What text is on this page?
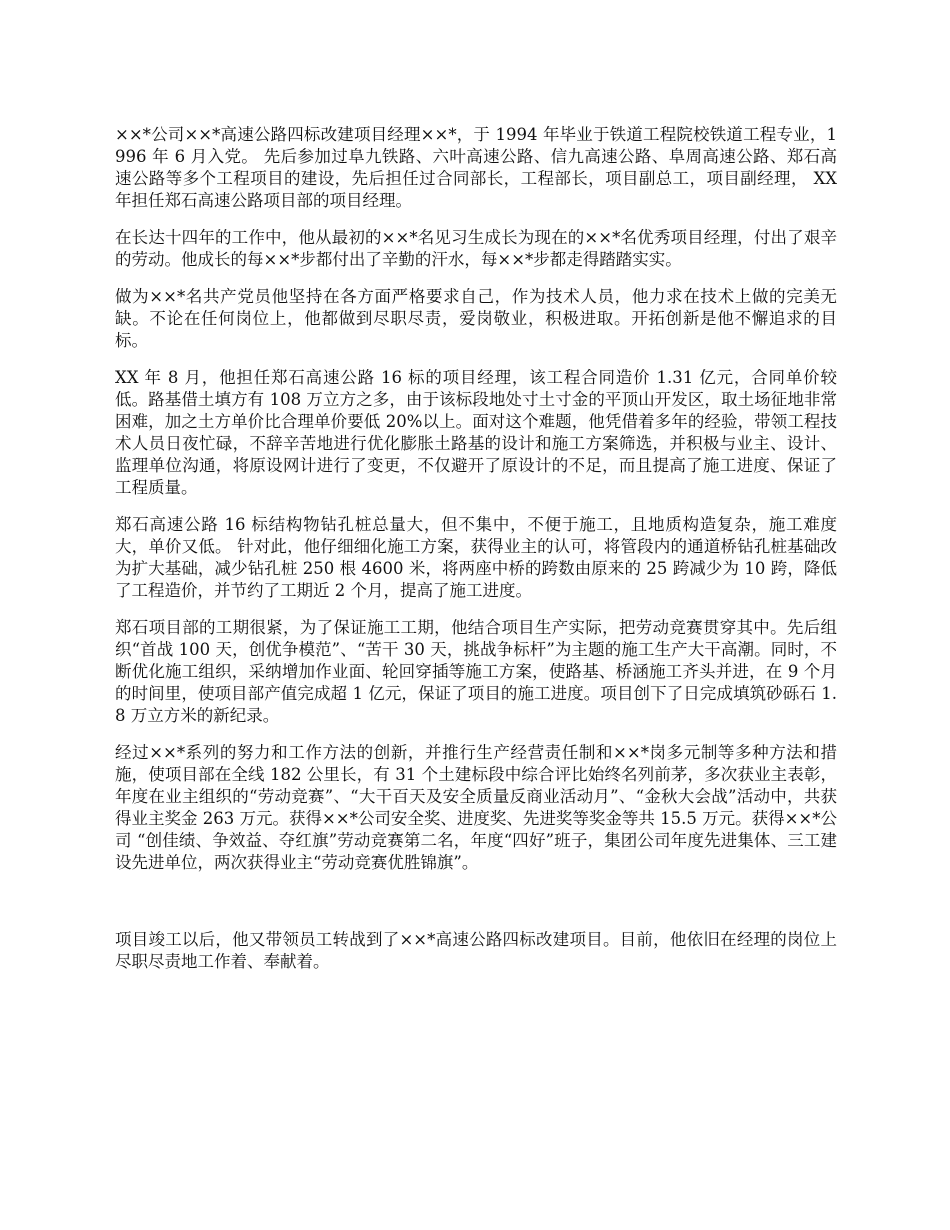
××*公司××*高速公路四标改建项目经理××*，于 1994 年毕业于铁道工程院校铁道工程专业，1996 年 6 月入党。 先后参加过阜九铁路、六叶高速公路、信九高速公路、阜周高速公路、郑石高速公路等多个工程项目的建设，先后担任过合同部长，工程部长，项目副总工，项目副经理， XX 年担任郑石高速公路项目部的项目经理。

在长达十四年的工作中，他从最初的××*名见习生成长为现在的××*名优秀项目经理，付出了艰辛的劳动。他成长的每××*步都付出了辛勤的汗水，每××*步都走得踏踏实实。

做为××*名共产党员他坚持在各方面严格要求自己，作为技术人员，他力求在技术上做的完美无缺。不论在任何岗位上，他都做到尽职尽责，爱岗敬业，积极进取。开拓创新是他不懈追求的目标。

XX 年 8 月，他担任郑石高速公路 16 标的项目经理，该工程合同造价 1.31 亿元，合同单价较低。路基借土填方有 108 万立方之多，由于该标段地处寸土寸金的平顶山开发区，取土场征地非常困难，加之土方单价比合理单价要低 20%以上。面对这个难题，他凭借着多年的经验，带领工程技术人员日夜忙碌，不辞辛苦地进行优化膨胀土路基的设计和施工方案筛选，并积极与业主、设计、监理单位沟通，将原设网计进行了变更，不仅避开了原设计的不足，而且提高了施工进度、保证了工程质量。

郑石高速公路 16 标结构物钻孔桩总量大，但不集中，不便于施工，且地质构造复杂，施工难度大，单价又低。 针对此，他仔细细化施工方案，获得业主的认可，将管段内的通道桥钻孔桩基础改为扩大基础，减少钻孔桩 250 根 4600 米，将两座中桥的跨数由原来的 25 跨减少为 10 跨，降低了工程造价，并节约了工期近 2 个月，提高了施工进度。

郑石项目部的工期很紧，为了保证施工工期，他结合项目生产实际，把劳动竞赛贯穿其中。先后组织“首战 100 天，创优争模范”、“苦干 30 天，挑战争标杆”为主题的施工生产大干高潮。同时，不断优化施工组织，采纳增加作业面、轮回穿插等施工方案，使路基、桥涵施工齐头并进，在 9 个月的时间里，使项目部产值完成超 1 亿元，保证了项目的施工进度。项目创下了日完成填筑砂砾石 1.8 万立方米的新纪录。

经过××*系列的努力和工作方法的创新，并推行生产经营责任制和××*岗多元制等多种方法和措施，使项目部在全线 182 公里长，有 31 个土建标段中综合评比始终名列前茅，多次获业主表彰，年度在业主组织的“劳动竞赛”、“大干百天及安全质量反商业活动月”、“金秋大会战”活动中，共获得业主奖金 263 万元。获得××*公司安全奖、进度奖、先进奖等奖金等共 15.5 万元。获得××*公司 “创佳绩、争效益、夺红旗”劳动竞赛第二名，年度“四好”班子，集团公司年度先进集体、三工建设先进单位，两次获得业主“劳动竞赛优胜锦旗”。

项目竣工以后，他又带领员工转战到了××*高速公路四标改建项目。目前，他依旧在经理的岗位上尽职尽责地工作着、奉献着。
